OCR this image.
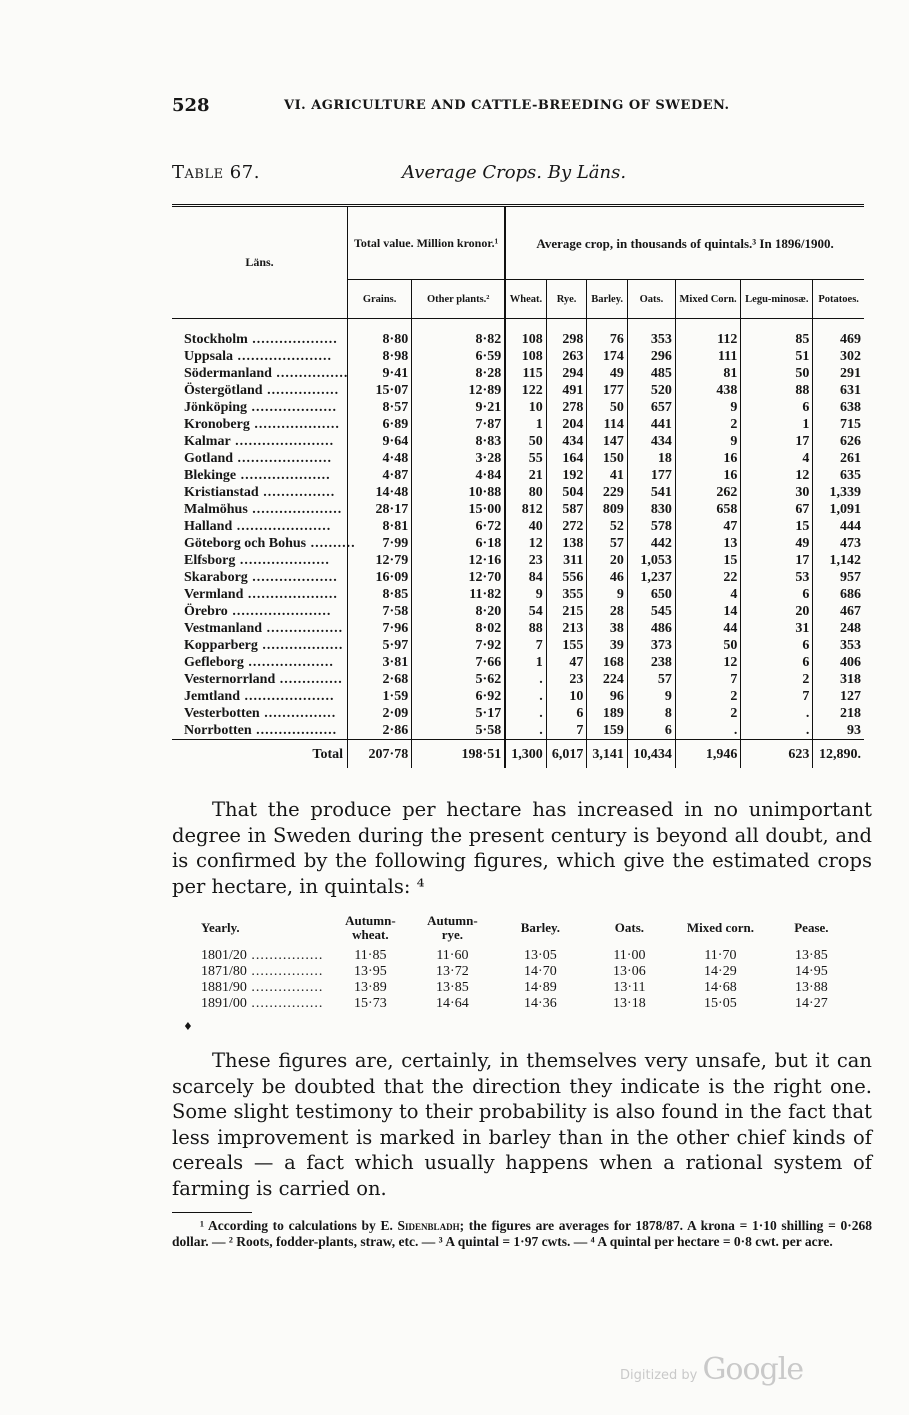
528	VI. AGRICULTURE AND CATTLE-BREEDING OF SWEDEN.
Table 67.	Average Crops. By Läns.
Läns.	Total value. Million kronor.¹		Average crop, in thousands of quintals.³ In 1896/1900.						
	Grains.	Other plants.²	Wheat.	Rye.	Barley.	Oats.	Mixed Corn.	Legu-minosæ.	Potatoes.
Stockholm ...................	8·80	8·82	108	298	76	353	112	85	469
Uppsala .....................	8·98	6·59	108	263	174	296	111	51	302
Södermanland ................	9·41	8·28	115	294	49	485	81	50	291
Östergötland ................	15·07	12·89	122	491	177	520	438	88	631
Jönköping ...................	8·57	9·21	10	278	50	657	9	6	638
Kronoberg ...................	6·89	7·87	1	204	114	441	2	1	715
Kalmar ......................	9·64	8·83	50	434	147	434	9	17	626
Gotland .....................	4·48	3·28	55	164	150	18	16	4	261
Blekinge ....................	4·87	4·84	21	192	41	177	16	12	635
Kristianstad ................	14·48	10·88	80	504	229	541	262	30	1,339
Malmöhus ....................	28·17	15·00	812	587	809	830	658	67	1,091
Halland .....................	8·81	6·72	40	272	52	578	47	15	444
Göteborg och Bohus ..........	7·99	6·18	12	138	57	442	13	49	473
Elfsborg ....................	12·79	12·16	23	311	20	1,053	15	17	1,142
Skaraborg ...................	16·09	12·70	84	556	46	1,237	22	53	957
Vermland ....................	8·85	11·82	9	355	9	650	4	6	686
Örebro ......................	7·58	8·20	54	215	28	545	14	20	467
Vestmanland .................	7·96	8·02	88	213	38	486	44	31	248
Kopparberg ..................	5·97	7·92	7	155	39	373	50	6	353
Gefleborg ...................	3·81	7·66	1	47	168	238	12	6	406
Vesternorrland ..............	2·68	5·62	.	23	224	57	7	2	318
Jemtland ....................	1·59	6·92	.	10	96	9	2	7	127
Vesterbotten ................	2·09	5·17	.	6	189	8	2	.	218
Norrbotten ..................	2·86	5·58	.	7	159	6	.	.	93
Total	207·78	198·51	1,300	6,017	3,141	10,434	1,946	623	12,890.

That the produce per hectare has increased in no unimportant degree in Sweden during the present century is beyond all doubt, and is confirmed by the following figures, which give the estimated crops per hectare, in quintals: ⁴

Yearly.	Autumn-wheat.	Autumn-rye.	Barley.	Oats.	Mixed corn.	Pease.
1801/20 ................	11·85	11·60	13·05	11·00	11·70	13·85
1871/80 ................	13·95	13·72	14·70	13·06	14·29	14·95
1881/90 ................	13·89	13·85	14·89	13·11	14·68	13·88
1891/00 ................	15·73	14·64	14·36	13·18	15·05	14·27
♦

These figures are, certainly, in themselves very unsafe, but it can scarcely be doubted that the direction they indicate is the right one. Some slight testimony to their probability is also found in the fact that less improvement is marked in barley than in the other chief kinds of cereals — a fact which usually happens when a rational system of farming is carried on.

¹ According to calculations by E. Sidenbladh; the figures are averages for 1878/87. A krona = 1·10 shilling = 0·268 dollar. — ² Roots, fodder-plants, straw, etc. — ³ A quintal = 1·97 cwts. — ⁴ A quintal per hectare = 0·8 cwt. per acre.

Digitized by Google
